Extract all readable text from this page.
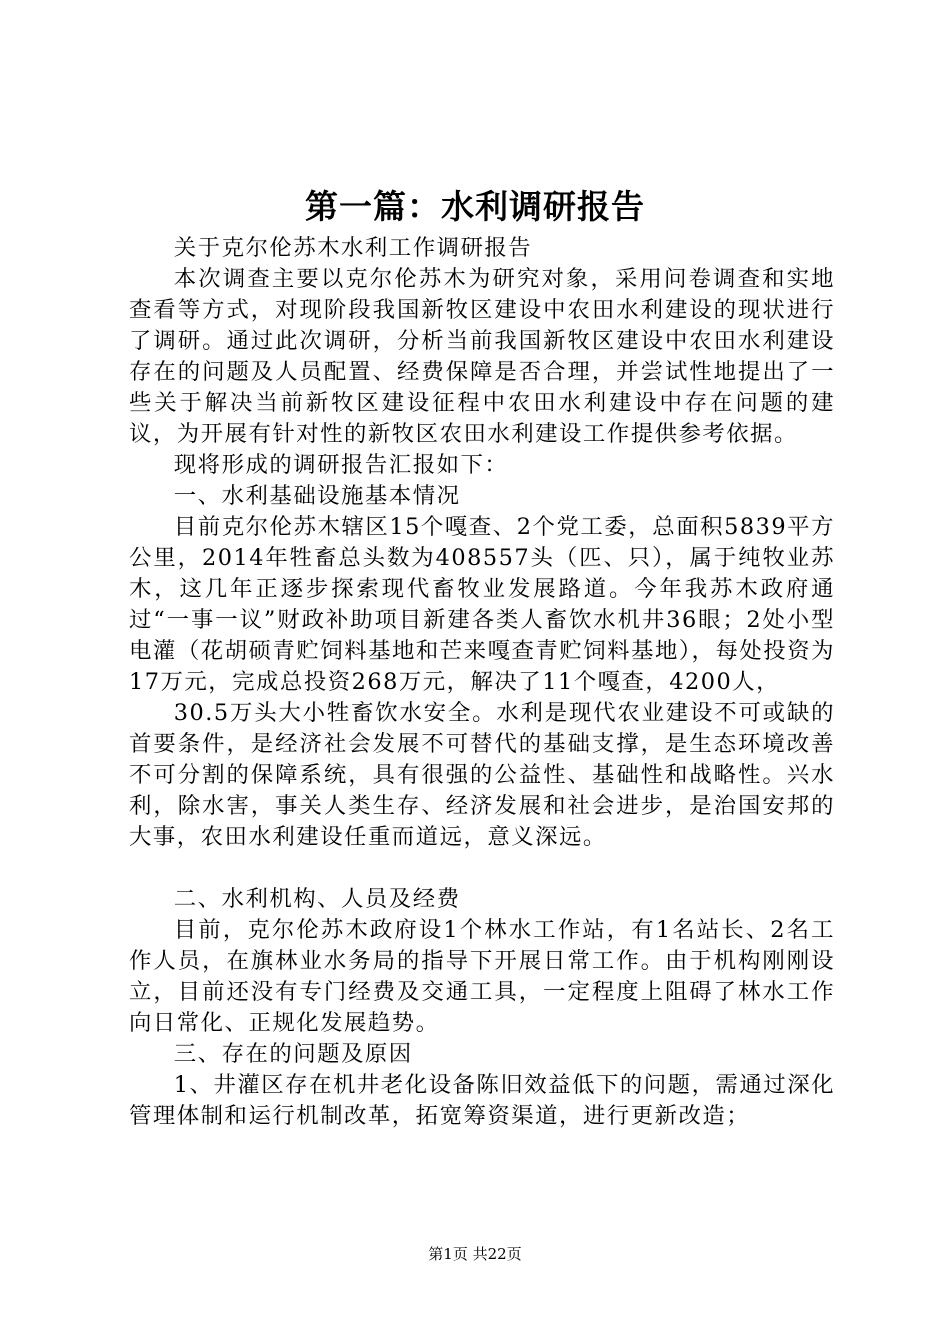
第一篇：水利调研报告

关于克尔伦苏木水利工作调研报告

本次调查主要以克尔伦苏木为研究对象，采用问卷调查和实地查看等方式，对现阶段我国新牧区建设中农田水利建设的现状进行了调研。通过此次调研，分析当前我国新牧区建设中农田水利建设存在的问题及人员配置、经费保障是否合理，并尝试性地提出了一些关于解决当前新牧区建设征程中农田水利建设中存在问题的建议，为开展有针对性的新牧区农田水利建设工作提供参考依据。

现将形成的调研报告汇报如下：

一、水利基础设施基本情况

目前克尔伦苏木辖区15个嘎查、2个党工委，总面积5839平方公里，2014年牲畜总头数为408557头（匹、只），属于纯牧业苏木，这几年正逐步探索现代畜牧业发展路道。今年我苏木政府通过“一事一议”财政补助项目新建各类人畜饮水机井36眼；2处小型电灌（花胡硕青贮饲料基地和芒来嘎查青贮饲料基地），每处投资为17万元，完成总投资268万元，解决了11个嘎查，4200人，

30.5万头大小牲畜饮水安全。水利是现代农业建设不可或缺的首要条件，是经济社会发展不可替代的基础支撑，是生态环境改善不可分割的保障系统，具有很强的公益性、基础性和战略性。兴水利，除水害，事关人类生存、经济发展和社会进步，是治国安邦的大事，农田水利建设任重而道远，意义深远。

二、水利机构、人员及经费

目前，克尔伦苏木政府设1个林水工作站，有1名站长、2名工作人员，在旗林业水务局的指导下开展日常工作。由于机构刚刚设立，目前还没有专门经费及交通工具，一定程度上阻碍了林水工作向日常化、正规化发展趋势。

三、存在的问题及原因

1、井灌区存在机井老化设备陈旧效益低下的问题，需通过深化管理体制和运行机制改革，拓宽筹资渠道，进行更新改造；

第1页 共22页
